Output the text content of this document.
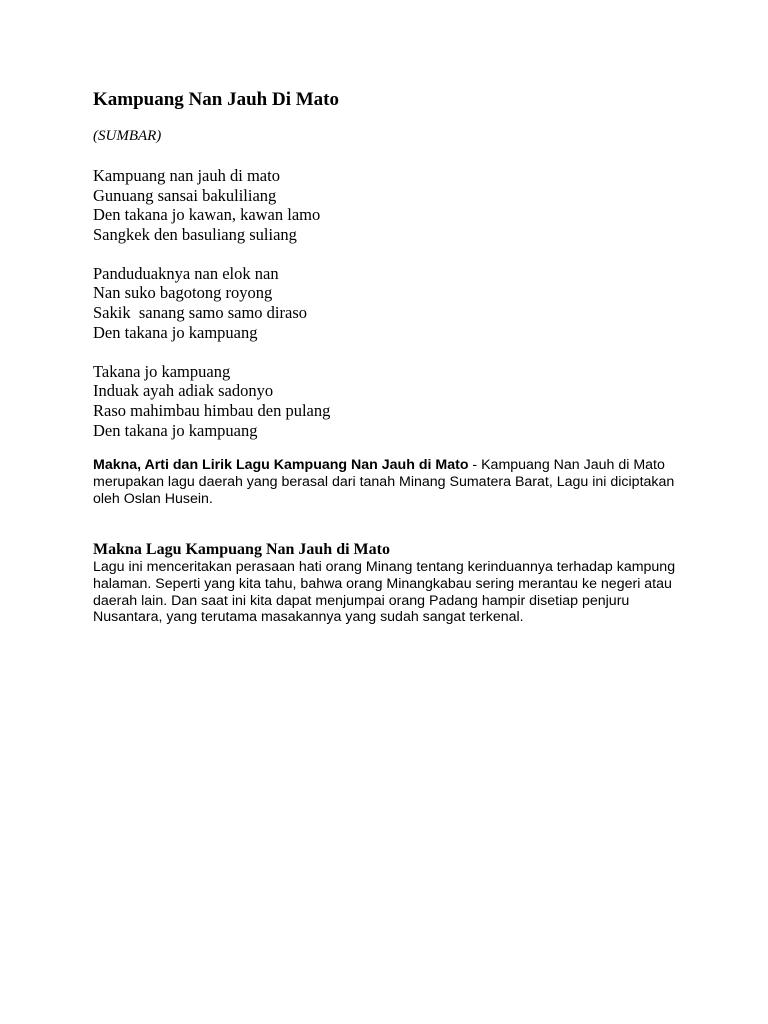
Kampuang Nan Jauh Di Mato
(SUMBAR)
Kampuang nan jauh di mato
Gunuang sansai bakuliliang
Den takana jo kawan, kawan lamo
Sangkek den basuliang suliang
Panduduaknya nan elok nan
Nan suko bagotong royong
Sakik  sanang samo samo diraso
Den takana jo kampuang
Takana jo kampuang
Induak ayah adiak sadonyo
Raso mahimbau himbau den pulang
Den takana jo kampuang

Makna, Arti dan Lirik Lagu Kampuang Nan Jauh di Mato - Kampuang Nan Jauh di Mato merupakan lagu daerah yang berasal dari tanah Minang Sumatera Barat, Lagu ini diciptakan oleh Oslan Husein.

Makna Lagu Kampuang Nan Jauh di Mato

Lagu ini menceritakan perasaan hati orang Minang tentang kerinduannya terhadap kampung halaman. Seperti yang kita tahu, bahwa orang Minangkabau sering merantau ke negeri atau daerah lain. Dan saat ini kita dapat menjumpai orang Padang hampir disetiap penjuru Nusantara, yang terutama masakannya yang sudah sangat terkenal.
